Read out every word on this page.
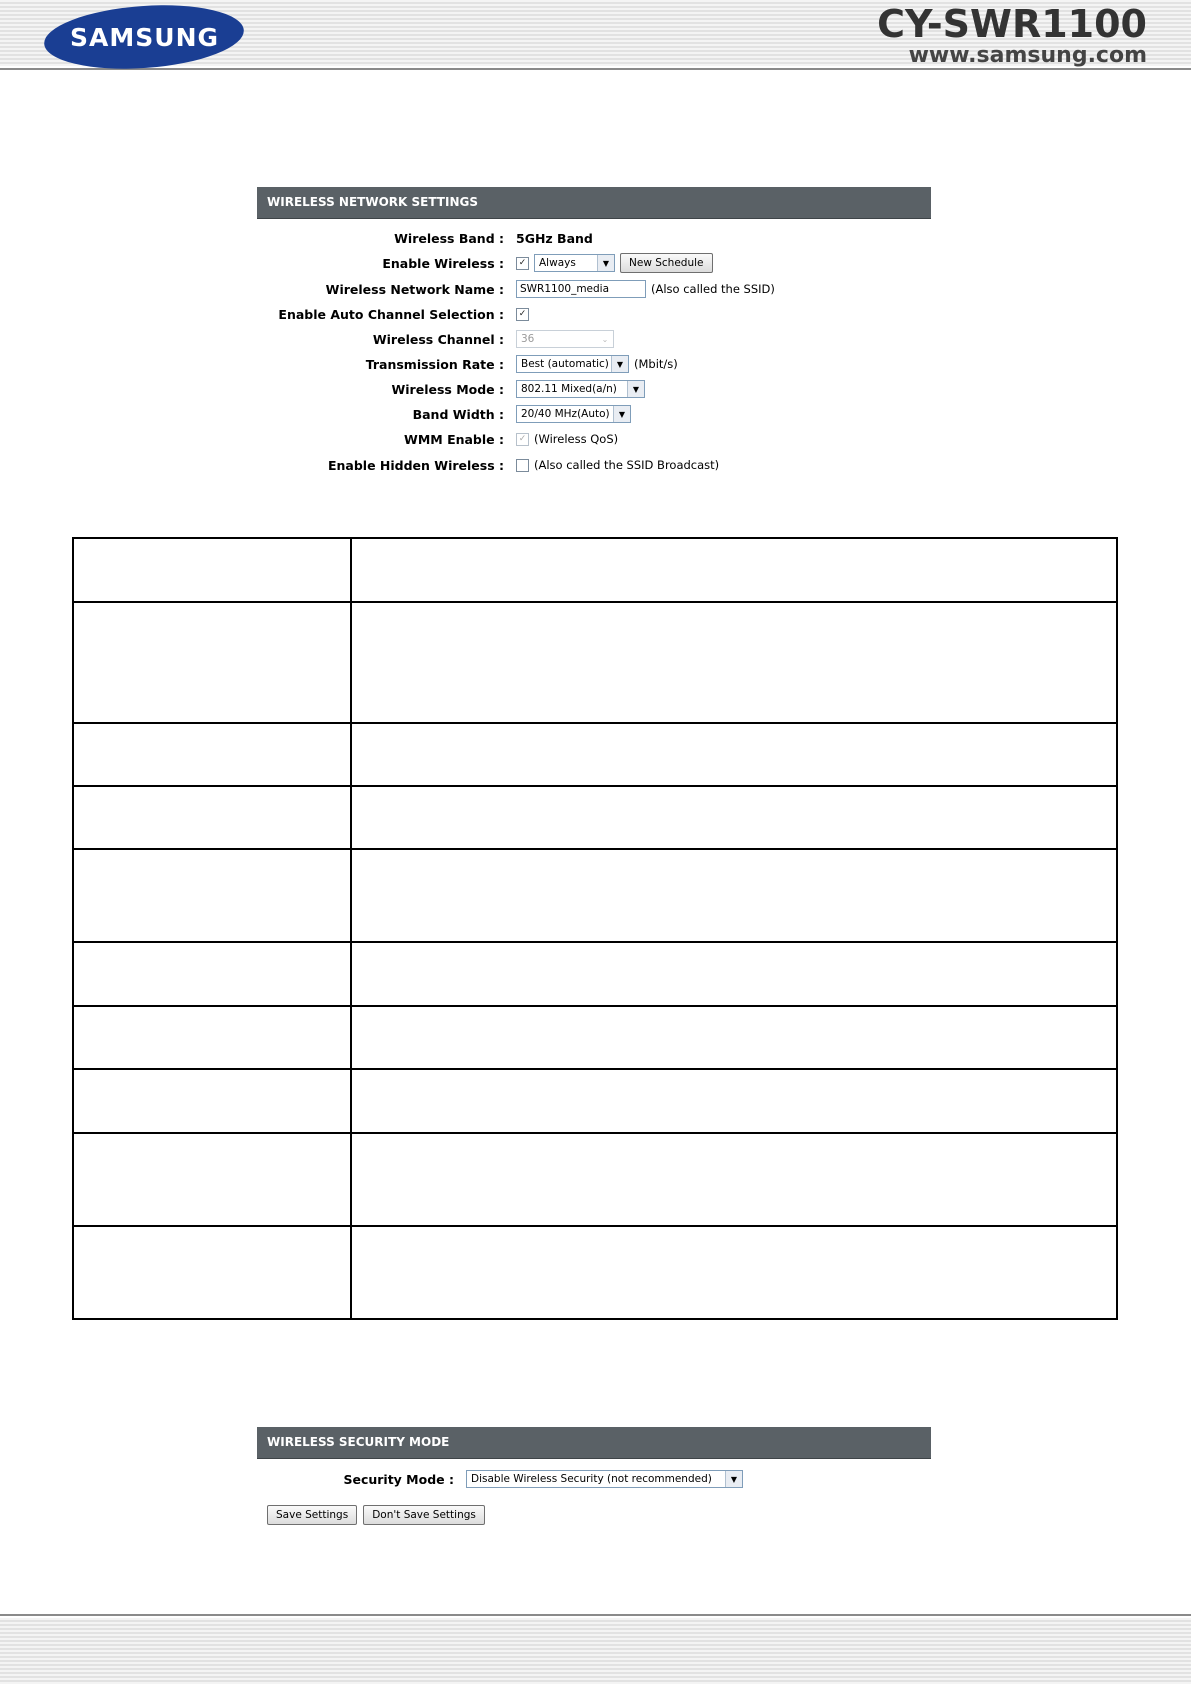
SAMSUNG	CY-SWR1100
www.samsung.com
WIRELESS NETWORK SETTINGS
Wireless Band : 5GHz Band
Enable Wireless :	✓	Always	▼	New Schedule
Wireless Network Name :	SWR1100_media	(Also called the SSID)
Enable Auto Channel Selection :	✓
Wireless Channel :	36	⌄
Transmission Rate :	Best (automatic)	▼ (Mbit/s)
Wireless Mode :	802.11 Mixed(a/n)	▼
Band Width :	20/40 MHz(Auto)	▼
WMM Enable :	✓ (Wireless QoS)
Enable Hidden Wireless :	(Also called the SSID Broadcast)

WIRELESS SECURITY MODE
Security Mode :	Disable Wireless Security (not recommended)	▼
Save Settings	Don't Save Settings
